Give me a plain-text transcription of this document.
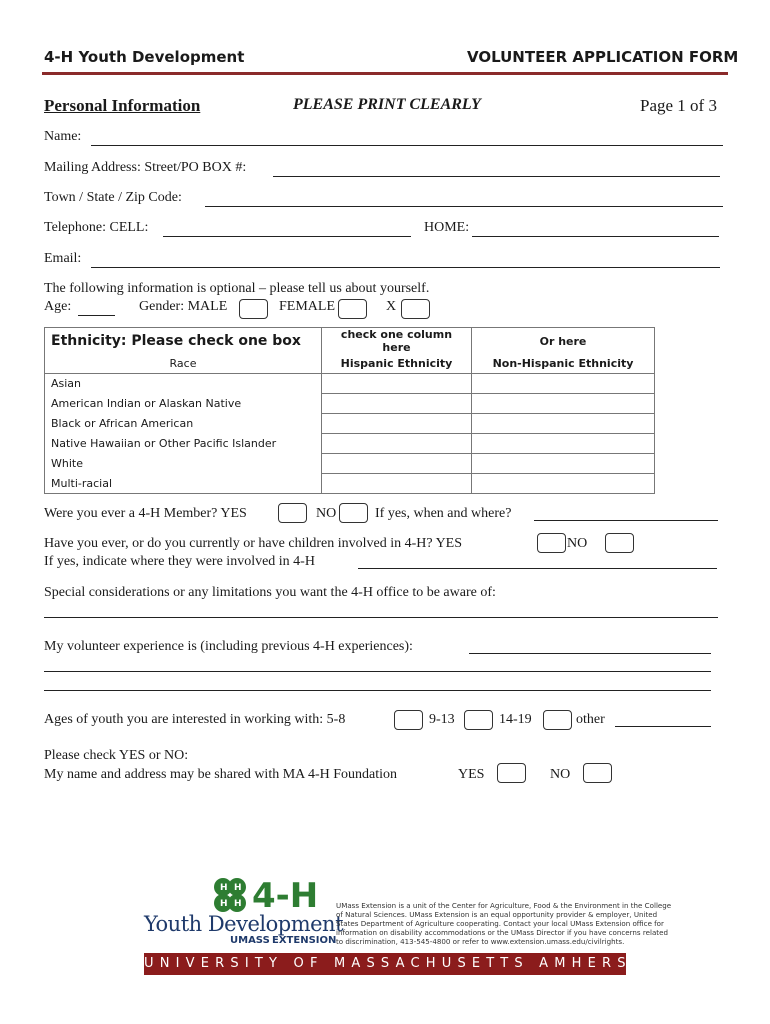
4-H Youth Development	VOLUNTEER APPLICATION FORM
Personal Information	PLEASE PRINT CLEARLY	Page 1 of 3
Name:
Mailing Address: Street/PO BOX #:
Town / State / Zip Code:
Telephone: CELL:	HOME:
Email:
The following information is optional – please tell us about yourself.
Age:	Gender: MALE	FEMALE	X
Ethnicity: Please check one box	check one column here	Or here
Race	Hispanic Ethnicity	Non-Hispanic Ethnicity
Asian		
American Indian or Alaskan Native		
Black or African American		
Native Hawaiian or Other Pacific Islander		
White		
Multi-racial		
Were you ever a 4-H Member? YES	NO	If yes, when and where?
Have you ever, or do you currently or have children involved in 4-H? YES	NO
If yes, indicate where they were involved in 4-H
Special considerations or any limitations you want the 4-H office to be aware of:
My volunteer experience is (including previous 4-H experiences):
Ages of youth you are interested in working with: 5-8	9-13	14-19	other
Please check YES or NO:
My name and address may be shared with MA 4-H Foundation	YES	NO
H H
H H 4-H
Youth Development
UMASS EXTENSION
UMass Extension is a unit of the Center for Agriculture, Food & the Environment in the College
of Natural Sciences. UMass Extension is an equal opportunity provider & employer, United
States Department of Agriculture cooperating. Contact your local UMass Extension office for
information on disability accommodations or the UMass Director if you have concerns related
to discrimination, 413-545-4800 or refer to www.extension.umass.edu/civilrights.
UNIVERSITY OF MASSACHUSETTS AMHERST
